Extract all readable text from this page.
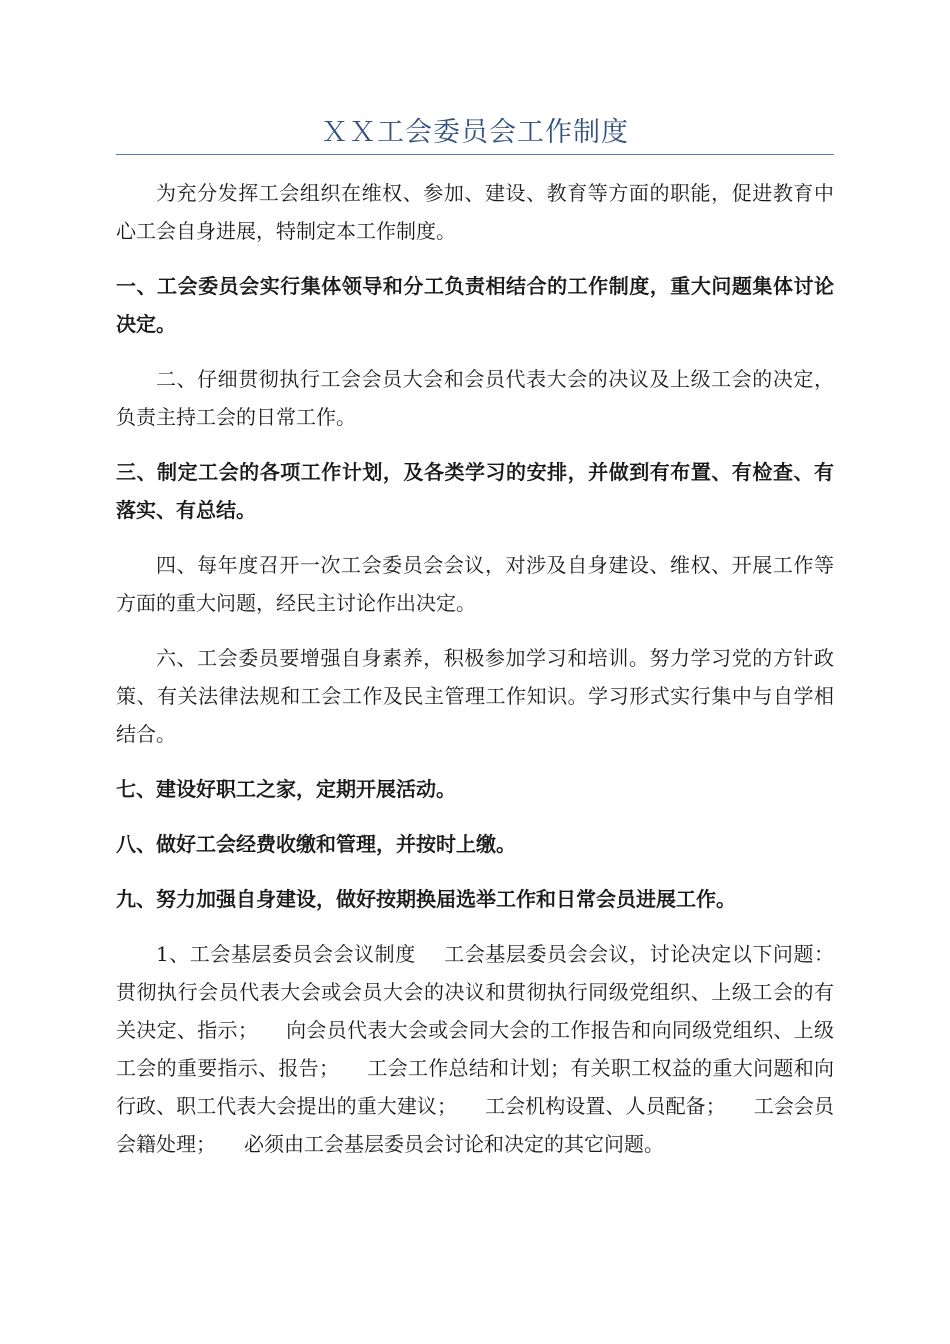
ＸＸ工会委员会工作制度

为充分发挥工会组织在维权、参加、建设、教育等方面的职能，促进教育中心工会自身进展，特制定本工作制度。

一、工会委员会实行集体领导和分工负责相结合的工作制度，重大问题集体讨论决定。

二、仔细贯彻执行工会会员大会和会员代表大会的决议及上级工会的决定，负责主持工会的日常工作。

三、制定工会的各项工作计划，及各类学习的安排，并做到有布置、有检查、有落实、有总结。

四、每年度召开一次工会委员会会议，对涉及自身建设、维权、开展工作等方面的重大问题，经民主讨论作出决定。

六、工会委员要增强自身素养，积极参加学习和培训。努力学习党的方针政策、有关法律法规和工会工作及民主管理工作知识。学习形式实行集中与自学相结合。

七、建设好职工之家，定期开展活动。

八、做好工会经费收缴和管理，并按时上缴。

九、努力加强自身建设，做好按期换届选举工作和日常会员进展工作。

1、工会基层委员会会议制度 工会基层委员会会议，讨论决定以下问题：贯彻执行会员代表大会或会员大会的决议和贯彻执行同级党组织、上级工会的有关决定、指示； 向会员代表大会或会同大会的工作报告和向同级党组织、上级工会的重要指示、报告； 工会工作总结和计划；有关职工权益的重大问题和向行政、职工代表大会提出的重大建议； 工会机构设置、人员配备； 工会会员会籍处理； 必须由工会基层委员会讨论和决定的其它问题。
